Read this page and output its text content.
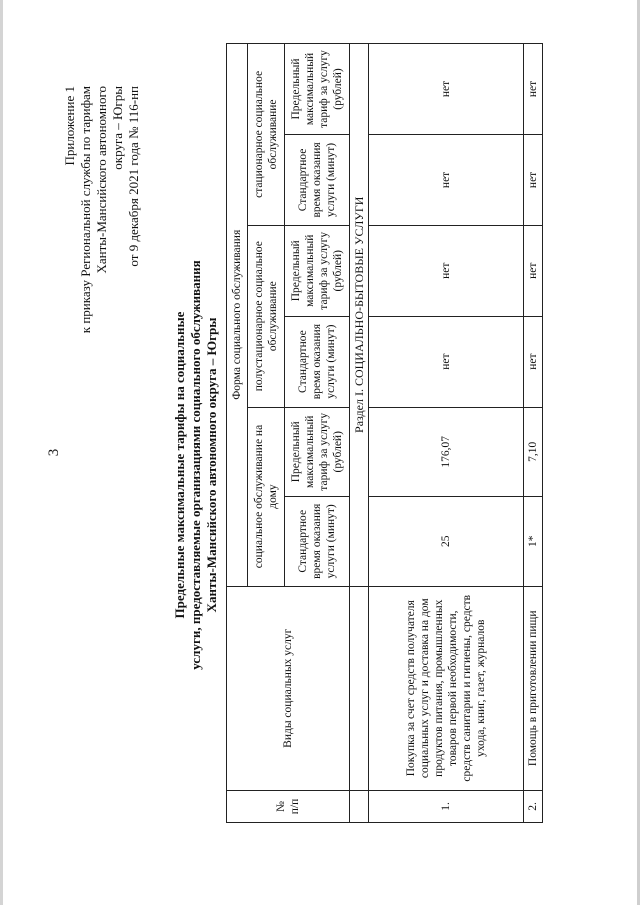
3
Приложение 1 к приказу Региональной службы по тарифам Ханты-Мансийского автономного округа – Югры от 9 декабря 2021 года № 116-нп
Предельные максимальные тарифы на социальные услуги, предоставляемые организациями социального обслуживания Ханты-Мансийского автономного округа – Югры
№ п/п	Виды социальных услуг	Форма социального обслуживания					
		социальное обслуживание на дому		полустационарное социальное обслуживание		стационарное социальное обслуживание	
		Стандартное время оказания услуги (минут)	Предельный максимальный тариф за услугу (рублей)	Стандартное время оказания услуги (минут)	Предельный максимальный тариф за услугу (рублей)	Стандартное время оказания услуги (минут)	Предельный максимальный тариф за услугу (рублей)
		Раздел I. СОЦИАЛЬНО-БЫТОВЫЕ УСЛУГИ					
1.	Покупка за счет средств получателя социальных услуг и доставка на дом продуктов питания, промышленных товаров первой необходимости, средств санитарии и гигиены, средств ухода, книг, газет, журналов	25	176,07	нет	нет	нет	нет
2.	Помощь в приготовлении пищи	1*	7,10	нет	нет	нет	нет
